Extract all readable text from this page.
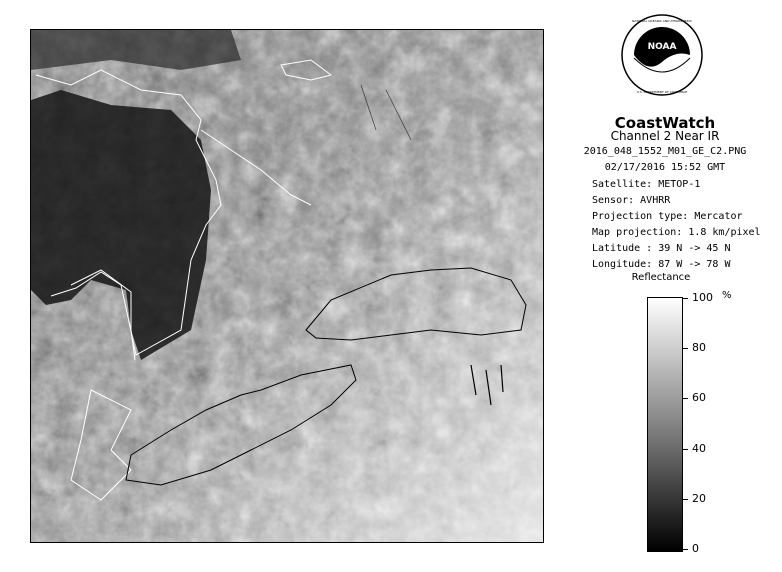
NOAA
NATIONAL OCEANIC AND ATMOSPHERIC
U.S. DEPARTMENT OF COMMERCE
CoastWatch
Channel 2 Near IR
2016_048_1552_M01_GE_C2.PNG
02/17/2016 15:52 GMT
Satellite: METOP-1
Sensor: AVHRR
Projection type: Mercator
Map projection: 1.8 km/pixel
Latitude : 39 N -> 45 N
Longitude: 87 W -> 78 W
Reflectance
%
100
80
60
40
20
0
